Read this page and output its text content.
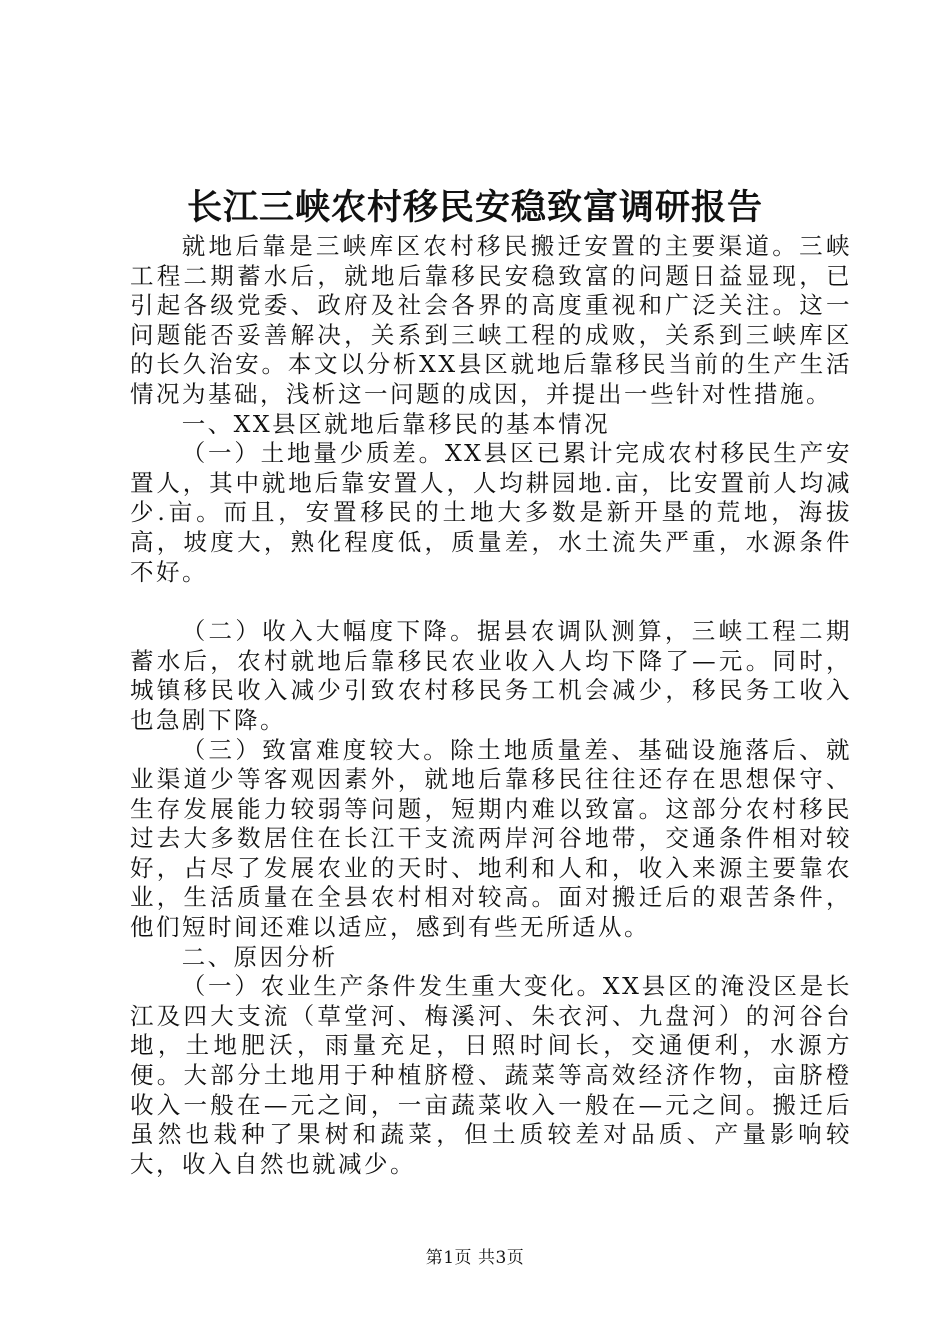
长江三峡农村移民安稳致富调研报告

就地后靠是三峡库区农村移民搬迁安置的主要渠道。三峡工程二期蓄水后，就地后靠移民安稳致富的问题日益显现，已引起各级党委、政府及社会各界的高度重视和广泛关注。这一问题能否妥善解决，关系到三峡工程的成败，关系到三峡库区的长久治安。本文以分析XX县区就地后靠移民当前的生产生活情况为基础，浅析这一问题的成因，并提出一些针对性措施。

一、XX县区就地后靠移民的基本情况

（一）土地量少质差。XX县区已累计完成农村移民生产安置人，其中就地后靠安置人，人均耕园地.亩，比安置前人均减少.亩。而且，安置移民的土地大多数是新开垦的荒地，海拔高，坡度大，熟化程度低，质量差，水土流失严重，水源条件不好。

（二）收入大幅度下降。据县农调队测算，三峡工程二期蓄水后，农村就地后靠移民农业收入人均下降了—元。同时，城镇移民收入减少引致农村移民务工机会减少，移民务工收入也急剧下降。

（三）致富难度较大。除土地质量差、基础设施落后、就业渠道少等客观因素外，就地后靠移民往往还存在思想保守、生存发展能力较弱等问题，短期内难以致富。这部分农村移民过去大多数居住在长江干支流两岸河谷地带，交通条件相对较好，占尽了发展农业的天时、地利和人和，收入来源主要靠农业，生活质量在全县农村相对较高。面对搬迁后的艰苦条件，他们短时间还难以适应，感到有些无所适从。

二、原因分析

（一）农业生产条件发生重大变化。XX县区的淹没区是长江及四大支流（草堂河、梅溪河、朱衣河、九盘河）的河谷台地，土地肥沃，雨量充足，日照时间长，交通便利，水源方便。大部分土地用于种植脐橙、蔬菜等高效经济作物，亩脐橙收入一般在—元之间，一亩蔬菜收入一般在—元之间。搬迁后虽然也栽种了果树和蔬菜，但土质较差对品质、产量影响较大，收入自然也就减少。

第1页 共3页
